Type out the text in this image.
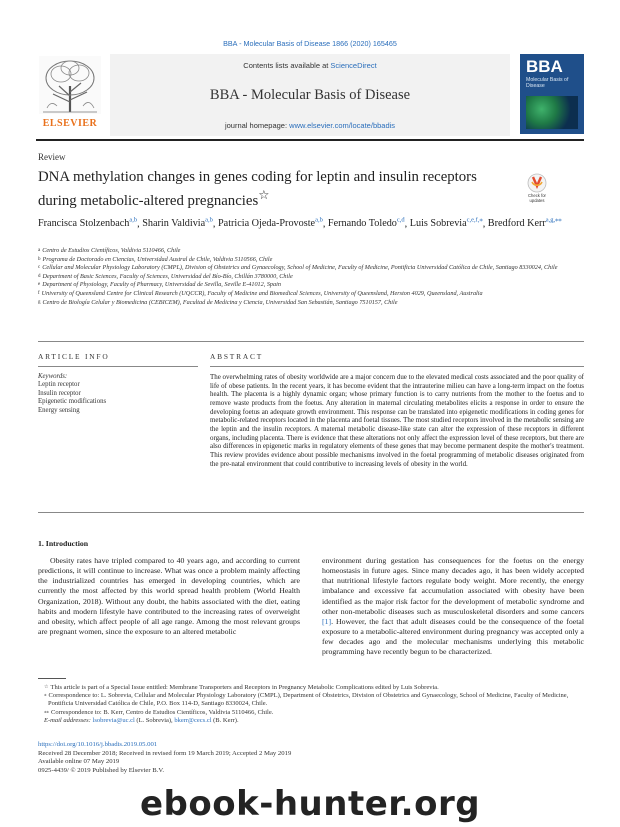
BBA - Molecular Basis of Disease 1866 (2020) 165465
ELSEVIER
Contents lists available at ScienceDirect
BBA - Molecular Basis of Disease
journal homepage: www.elsevier.com/locate/bbadis
BBA
Molecular Basis of Disease
Review
DNA methylation changes in genes coding for leptin and insulin receptors during metabolic-altered pregnancies☆	Check for updates
Francisca Stolzenbach$^{a,b}$, Sharin Valdivia$^{a,b}$, Patricia Ojeda-Provoste$^{a,b}$, Fernando Toledo$^{c,d}$, Luis Sobrevia$^{c,e,f,⁎}$, Bredford Kerr$^{a,g,⁎⁎}$
$^a$ Centro de Estudios Científicos, Valdivia 5110466, Chile
$^b$ Programa de Doctorado en Ciencias, Universidad Austral de Chile, Valdivia 5110566, Chile
$^c$ Cellular and Molecular Physiology Laboratory (CMPL), Division of Obstetrics and Gynaecology, School of Medicine, Faculty of Medicine, Pontificia Universidad Católica de Chile, Santiago 8330024, Chile
$^d$ Department of Basic Sciences, Faculty of Sciences, Universidad del Bío-Bío, Chillán 3780000, Chile
$^e$ Department of Physiology, Faculty of Pharmacy, Universidad de Sevilla, Seville E-41012, Spain
$^f$ University of Queensland Centre for Clinical Research (UQCCR), Faculty of Medicine and Biomedical Sciences, University of Queensland, Herston 4029, Queensland, Australia
$^g$ Centro de Biología Celular y Biomedicina (CEBICEM), Facultad de Medicina y Ciencia, Universidad San Sebastián, Santiago 7510157, Chile
ARTICLE INFO	ABSTRACT
Keywords:
Leptin receptor
Insulin receptor
Epigenetic modifications
Energy sensing
The overwhelming rates of obesity worldwide are a major concern due to the elevated medical costs associated and the poor quality of life of obese patients. In the recent years, it has become evident that the intrauterine milieu can have a long-term impact on the foetus health. The placenta is a highly dynamic organ; whose primary function is to carry nutrients from the mother to the foetus and to remove waste products from the foetus. Any alteration in maternal circulating metabolites elicits a response in order to ensure the developing foetus an adequate growth environment. This response can be translated into epigenetic modifications in coding genes for metabolic-related receptors located in the placenta and foetal tissues. The most studied receptors involved in the metabolic sensing are the leptin and the insulin receptors. A maternal metabolic disease-like state can alter the expression of these receptors in different organs, including placenta. There is evidence that these alterations not only affect the expression level of these receptors, but there are also differences in epigenetic marks in regulatory elements of these genes that may become permanent despite the mother's treatment. This review provides evidence about possible mechanisms involved in the foetal programming of metabolic diseases originated from the pre-natal environment that could contributive to increasing levels of obesity in the world.
1. Introduction
Obesity rates have tripled compared to 40 years ago, and according to current predictions, it will continue to increase. What was once a problem mainly affecting the industrialized countries has emerged in developing countries, which are currently the most affected by this world spread health problem (World Health Organization, 2018). Without any doubt, the habits associated with the diet, eating habits and modern lifestyle have contributed to the increasing rates of overweight and obesity, which affect people of all age range. Among the most relevant groups are pregnant women, since the exposure to an altered metabolic
environment during gestation has consequences for the foetus on the energy homeostasis in future ages. Since many decades ago, it has been widely accepted that nutritional lifestyle factors regulate body weight. More recently, the energy imbalance and excessive fat accumulation associated with obesity have been identified as the major risk factor for the development of metabolic syndrome and other non-metabolic diseases such as musculoskeletal disorders and some cancers [1]. However, the fact that adult diseases could be the consequence of the foetal exposure to a metabolic-altered environment during pregnancy was accepted only a few decades ago and the molecular mechanisms underlying this metabolic programming have recently begun to be characterized.
☆ This article is part of a Special Issue entitled: Membrane Transporters and Receptors in Pregnancy Metabolic Complications edited by Luis Sobrevia.
⁎ Correspondence to: L. Sobrevia, Cellular and Molecular Physiology Laboratory (CMPL), Department of Obstetrics, Division of Obstetrics and Gynaecology, School of Medicine, Faculty of Medicine, Pontificia Universidad Católica de Chile, P.O. Box 114-D, Santiago 8330024, Chile.
⁎⁎ Correspondence to: B. Kerr, Centro de Estudios Científicos, Valdivia 5110466, Chile.
E-mail addresses: lsobrevia@uc.cl (L. Sobrevia), bkerr@cecs.cl (B. Kerr).
https://doi.org/10.1016/j.bbadis.2019.05.001
Received 28 December 2018; Received in revised form 19 March 2019; Accepted 2 May 2019
Available online 07 May 2019
0925-4439/ © 2019 Published by Elsevier B.V.
ebook-hunter.org
